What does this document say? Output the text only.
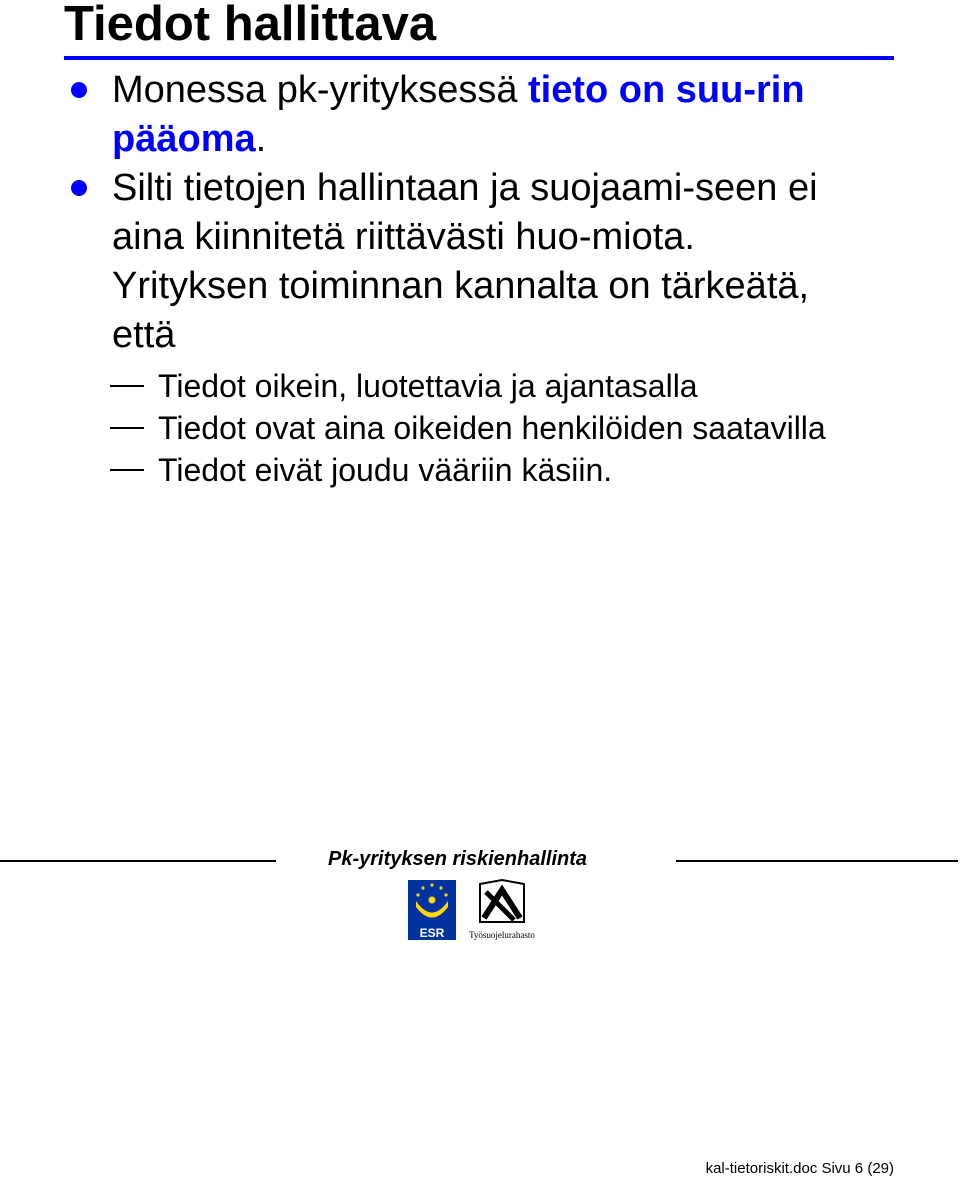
Tiedot hallittava
Monessa pk-yrityksessä tieto on suu-rin pääoma.
Silti tietojen hallintaan ja suojaami-seen ei aina kiinnitetä riittävästi huo-miota. Yrityksen toiminnan kannalta on tärkeätä, että
Tiedot oikein, luotettavia ja ajantasalla
Tiedot ovat aina oikeiden henkilöiden saatavilla
Tiedot eivät joudu vääriin käsiin.
Pk-yrityksen riskienhallinta
ESR	Työsuojelurahasto
kal-tietoriskit.doc Sivu 6 (29)
